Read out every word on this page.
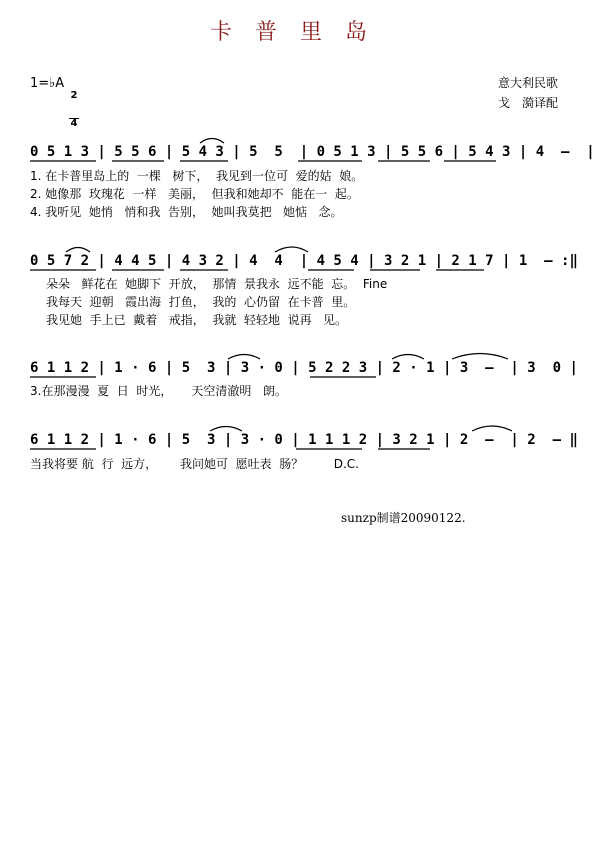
卡 普 里 岛
1=♭A

2

4

意大利民歌
戈　漪译配
0 5 1 3 | 5 5 6 | 5 4 3 | 5  5  | 0 5 1 3 | 5 5 6 | 5 4 3 | 4  –  |
1. 在卡普里岛上的  一棵   树下，  我见到一位可  爱的姑  娘。
2. 她像那  玫瑰花  一样   美丽，  但我和她却不  能在一  起。
4. 我听见  她悄   悄和我  告别，  她叫我莫把   她惦   念。
0 5 7 2 | 4 4 5 | 4 3 2 | 4  4  | 4 5 4 | 3 2 1 | 2 1 7 | 1  – :‖
朵朵   鲜花在  她脚下  开放，  那情  景我永  远不能  忘。  Fine
我每天  迎朝   霞出海  打鱼，  我的  心仍留  在卡普  里。
我见她  手上已  戴着   戒指，  我就  轻轻地  说再   见。
6 1 1 2 | 1 · 6 | 5  3 | 3 · 0 | 5 2 2 3 | 2 · 1 | 3  –  | 3  0 |
3.在那漫漫  夏  日  时光，     天空清澈明   朗。
6 1 1 2 | 1 · 6 | 5  3 | 3 · 0 | 1 1 1 2 | 3 2 1 | 2  –  | 2  – ‖
当我将要 航  行  远方，      我问她可  愿吐表  肠？        D.C.
sunzp制谱20090122.
